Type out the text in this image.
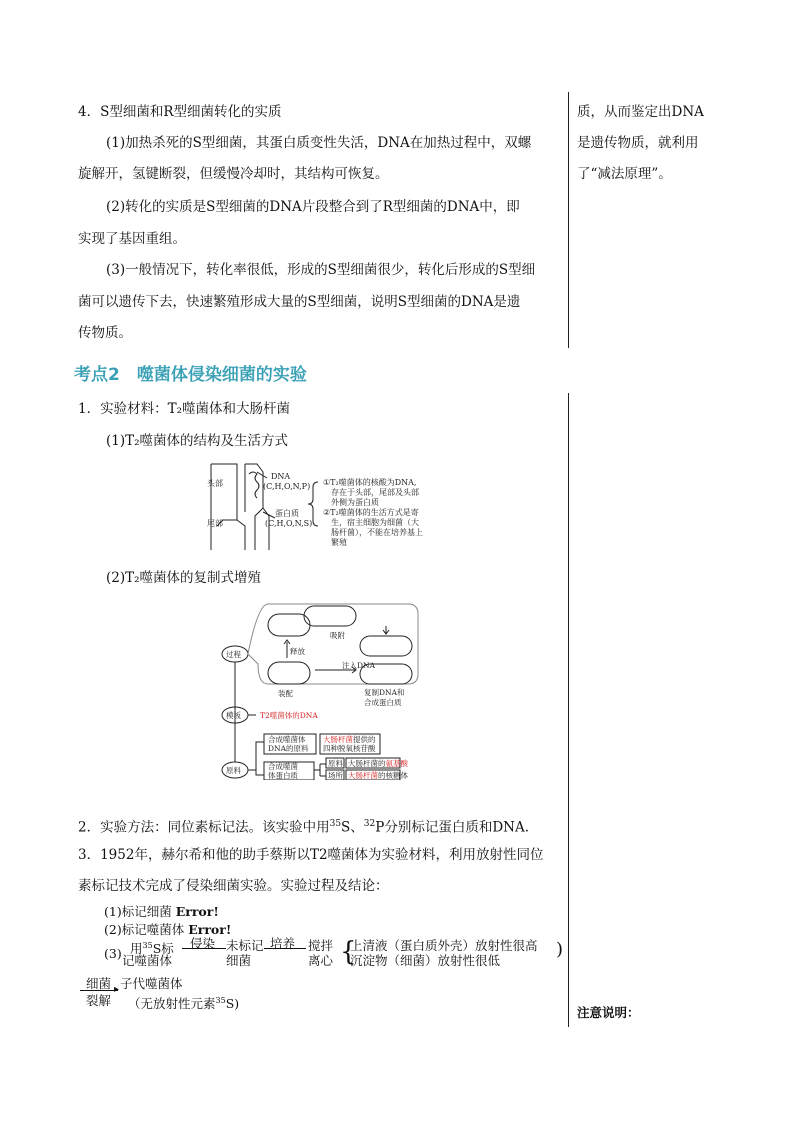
4．S型细菌和R型细菌转化的实质
(1)加热杀死的S型细菌，其蛋白质变性失活，DNA在加热过程中，双螺
旋解开，氢键断裂，但缓慢冷却时，其结构可恢复。
(2)转化的实质是S型细菌的DNA片段整合到了R型细菌的DNA中，即
实现了基因重组。
(3)一般情况下，转化率很低，形成的S型细菌很少，转化后形成的S型细
菌可以遗传下去，快速繁殖形成大量的S型细菌，说明S型细菌的DNA是遗
传物质。
质，从而鉴定出DNA
是遗传物质，就利用
了“减法原理”。
考点2　噬菌体侵染细菌的实验
1．实验材料：T₂噬菌体和大肠杆菌
(1)T₂噬菌体的结构及生活方式
头部
尾部
DNA
(C,H,O,N,P)
蛋白质
(C,H,O,N,S)
①T₂噬菌体的核酸为DNA,
存在于头部，尾部及头部
外侧为蛋白质
②T₂噬菌体的生活方式是寄
生，宿主细胞为细菌（大
肠杆菌），不能在培养基上
繁殖
(2)T₂噬菌体的复制式增殖
过程
模板
原料
吸附
注入DNA
释放
装配	复制DNA和
合成蛋白质
T2噬菌体的DNA
合成噬菌体
DNA的原料
大肠杆菌提供的
四种脱氧核苷酸
合成噬菌
体蛋白质
原料
场所
大肠杆菌的氨基酸
大肠杆菌的核糖体
2．实验方法：同位素标记法。该实验中用$^{35}$S、$^{32}$P分别标记蛋白质和DNA.
3．1952年，赫尔希和他的助手蔡斯以T2噬菌体为实验材料，利用放射性同位
素标记技术完成了侵染细菌实验。实验过程及结论：
(1)标记细菌 Error!
(2)标记噬菌体 Error!
(3) 用$^{35}$S标
记噬菌体
侵染 未标记
细菌
培养 搅拌
离心 {
上清液（蛋白质外壳）放射性很高
沉淀物（细菌）放射性很低
)
细菌 ▸ 子代噬菌体
裂解 （无放射性元素$^{35}$S)
注意说明：
